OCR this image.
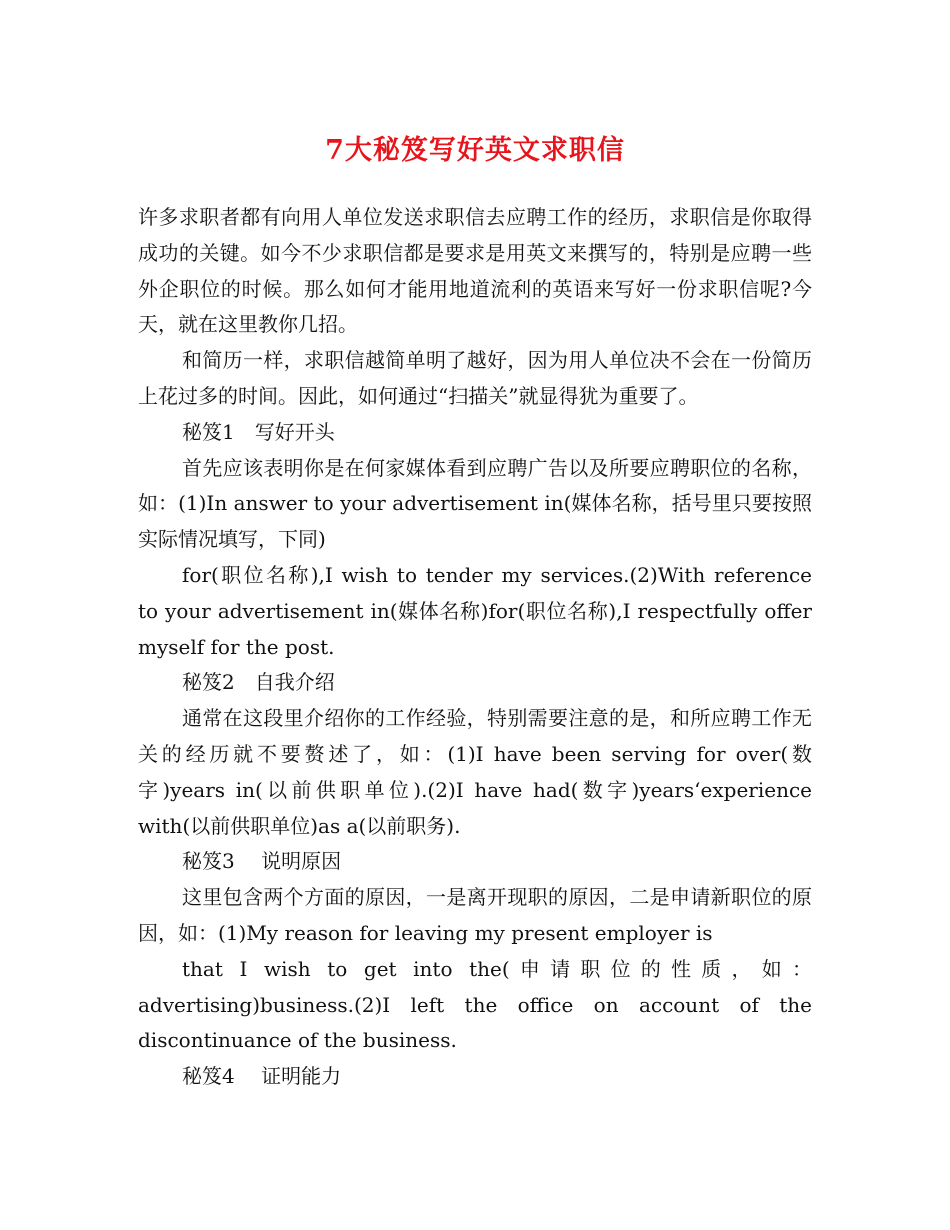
7大秘笈写好英文求职信

许多求职者都有向用人单位发送求职信去应聘工作的经历，求职信是你取得成功的关键。如今不少求职信都是要求是用英文来撰写的，特别是应聘一些外企职位的时候。那么如何才能用地道流利的英语来写好一份求职信呢?今天，就在这里教你几招。

和简历一样，求职信越简单明了越好，因为用人单位决不会在一份简历上花过多的时间。因此，如何通过“扫描关”就显得犹为重要了。

秘笈1　写好开头

首先应该表明你是在何家媒体看到应聘广告以及所要应聘职位的名称，如：(1)In answer to your advertisement in(媒体名称，括号里只要按照实际情况填写，下同)

for(职位名称),I wish to tender my services.(2)With reference to your advertisement in(媒体名称)for(职位名称),I respectfully offer myself for the post.

秘笈2　自我介绍

通常在这段里介绍你的工作经验，特别需要注意的是，和所应聘工作无关的经历就不要赘述了，如：(1)I have been serving for over(数字)years in(以前供职单位).(2)I have had(数字)years‘experience with(以前供职单位)as a(以前职务).

秘笈3　 说明原因

这里包含两个方面的原因，一是离开现职的原因，二是申请新职位的原因，如：(1)My reason for leaving my present employer is

that I wish to get into the(申请职位的性质，如：advertising)business.(2)I left the office on account of the discontinuance of the business.

秘笈4　 证明能力
